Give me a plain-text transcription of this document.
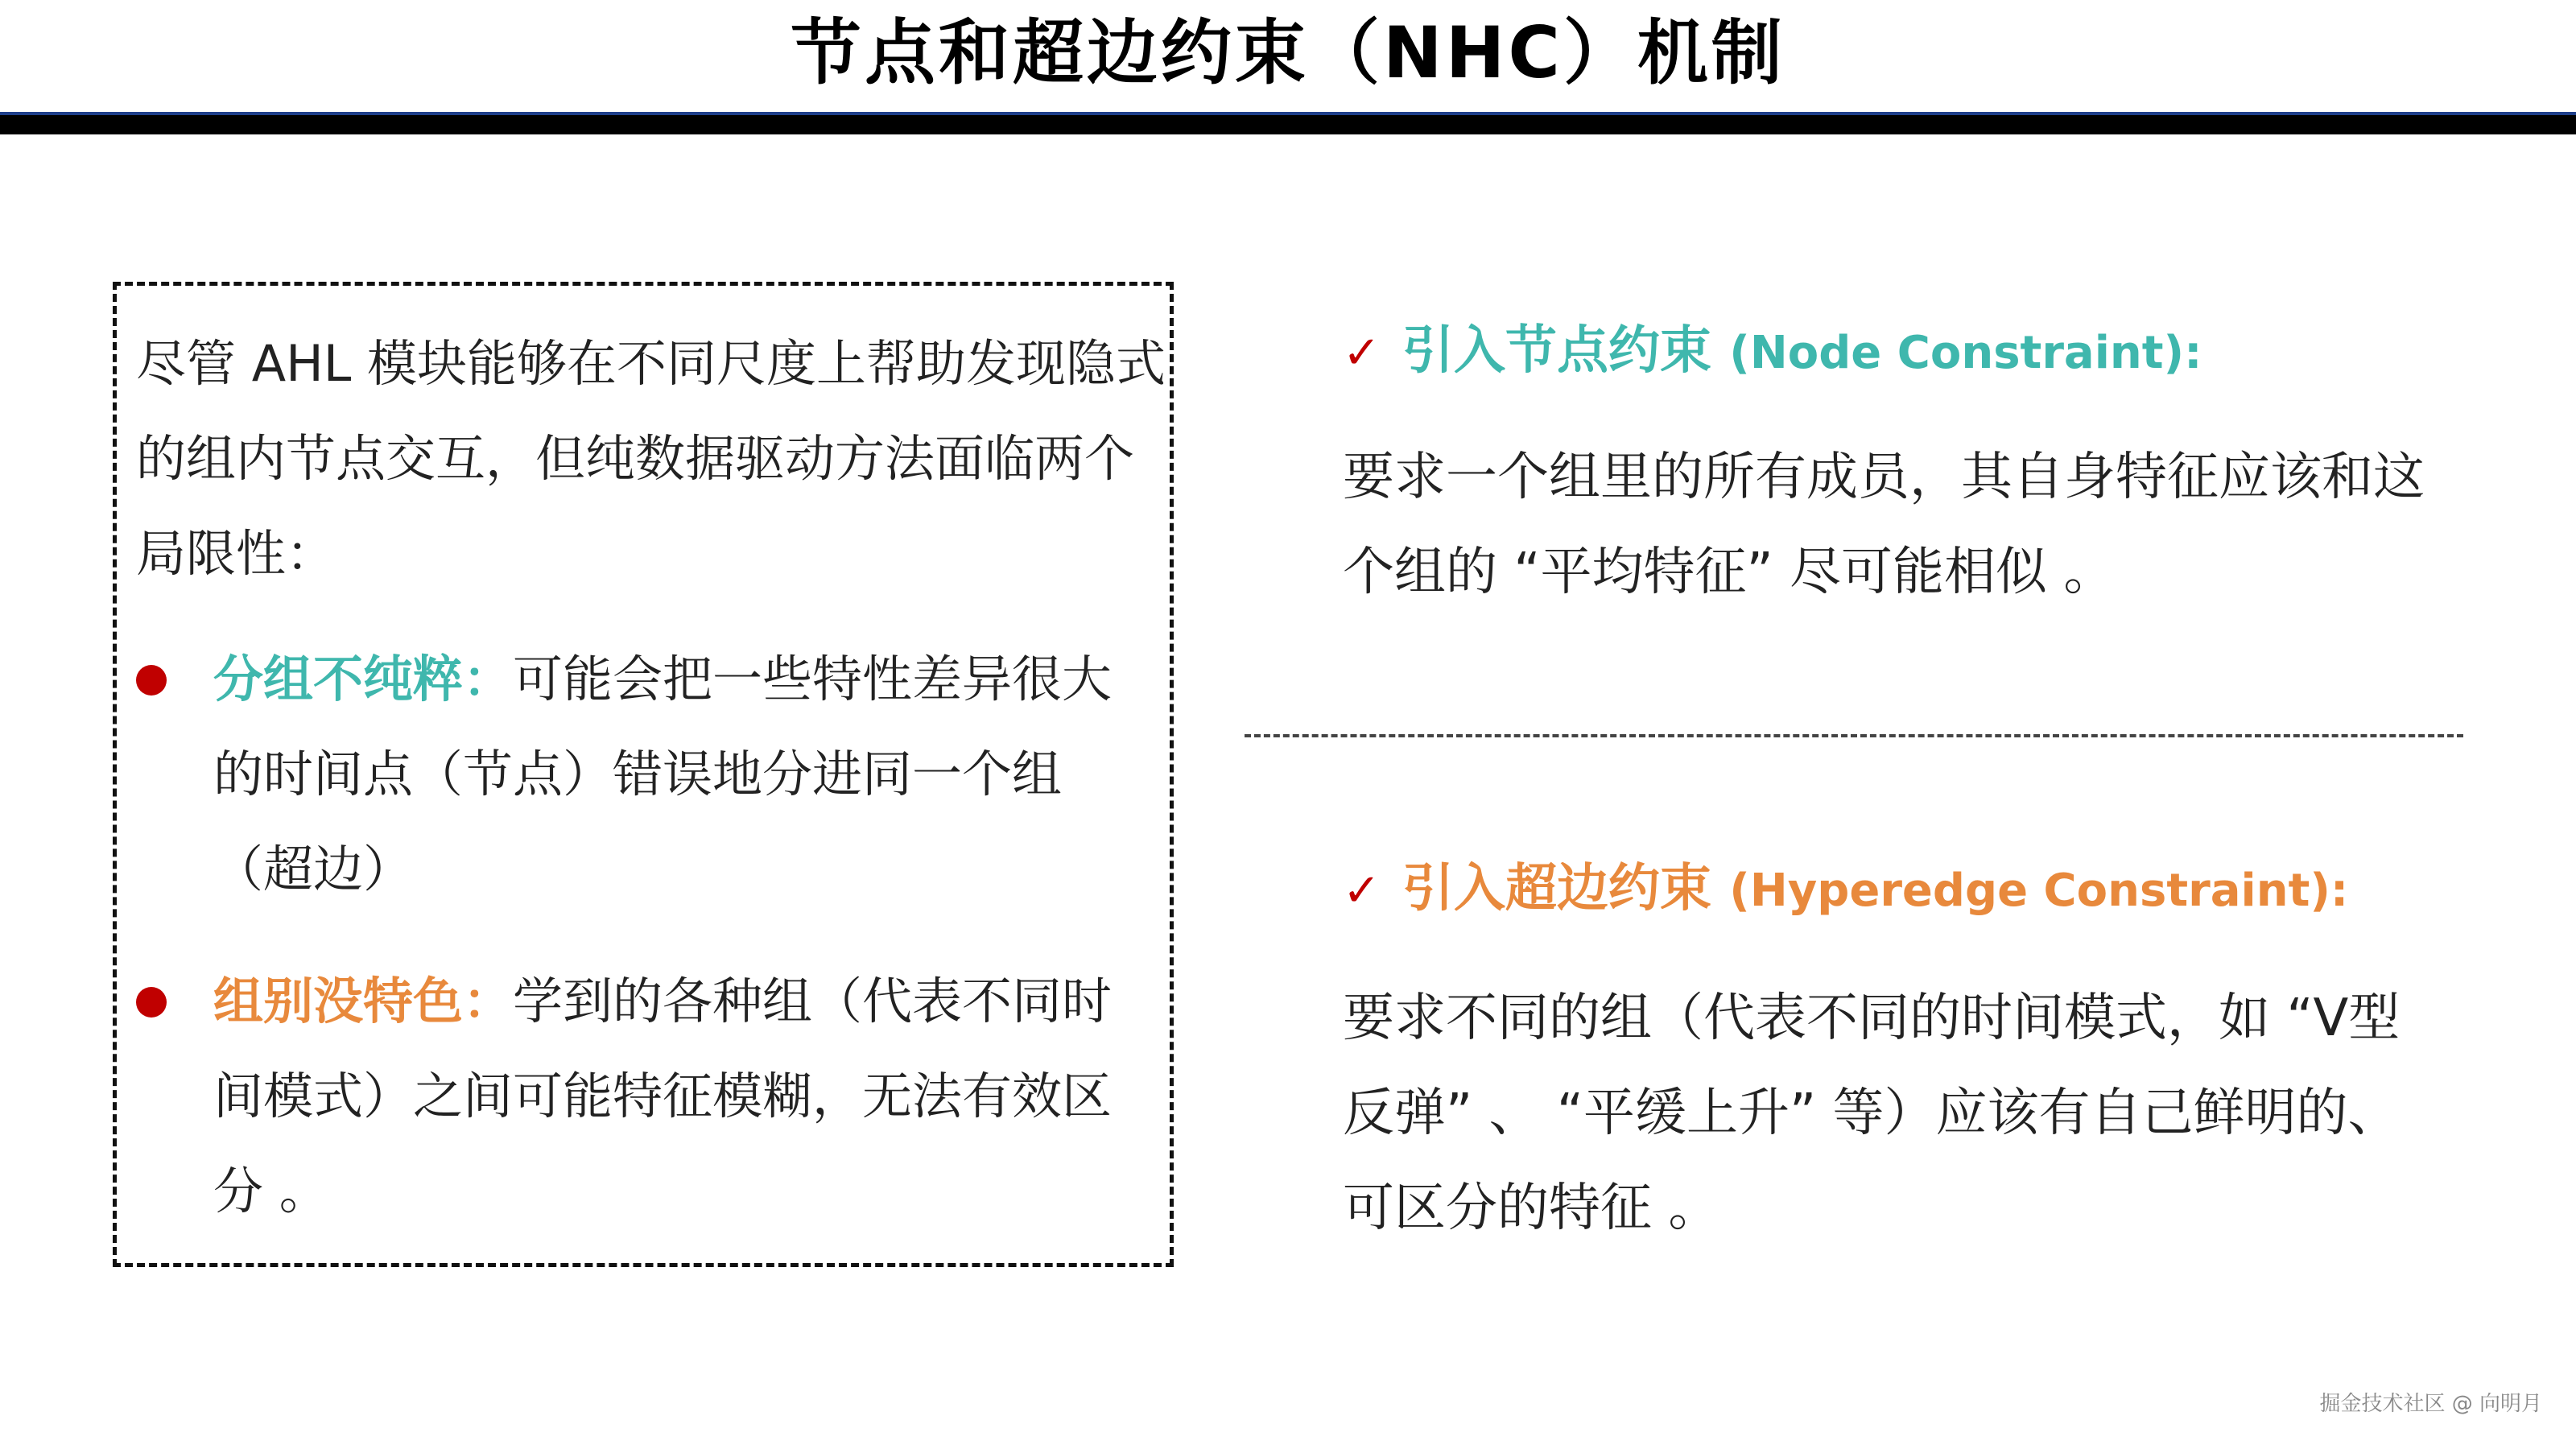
节点和超边约束（NHC）机制
尽管 AHL 模块能够在不同尺度上帮助发现隐式的组内节点交互，但纯数据驱动方法面临两个局限性：
分组不纯粹：可能会把一些特性差异很大的时间点（节点）错误地分进同一个组（超边）
组别没特色：学到的各种组（代表不同时间模式）之间可能特征模糊，无法有效区分 。
✓ 引入节点约束 (Node Constraint):
要求一个组里的所有成员，其自身特征应该和这个组的 “平均特征” 尽可能相似 。
✓ 引入超边约束 (Hyperedge Constraint):
要求不同的组（代表不同的时间模式，如 “V型反弹” 、 “平缓上升” 等）应该有自己鲜明的、可区分的特征 。
掘金技术社区 @ 向明月
